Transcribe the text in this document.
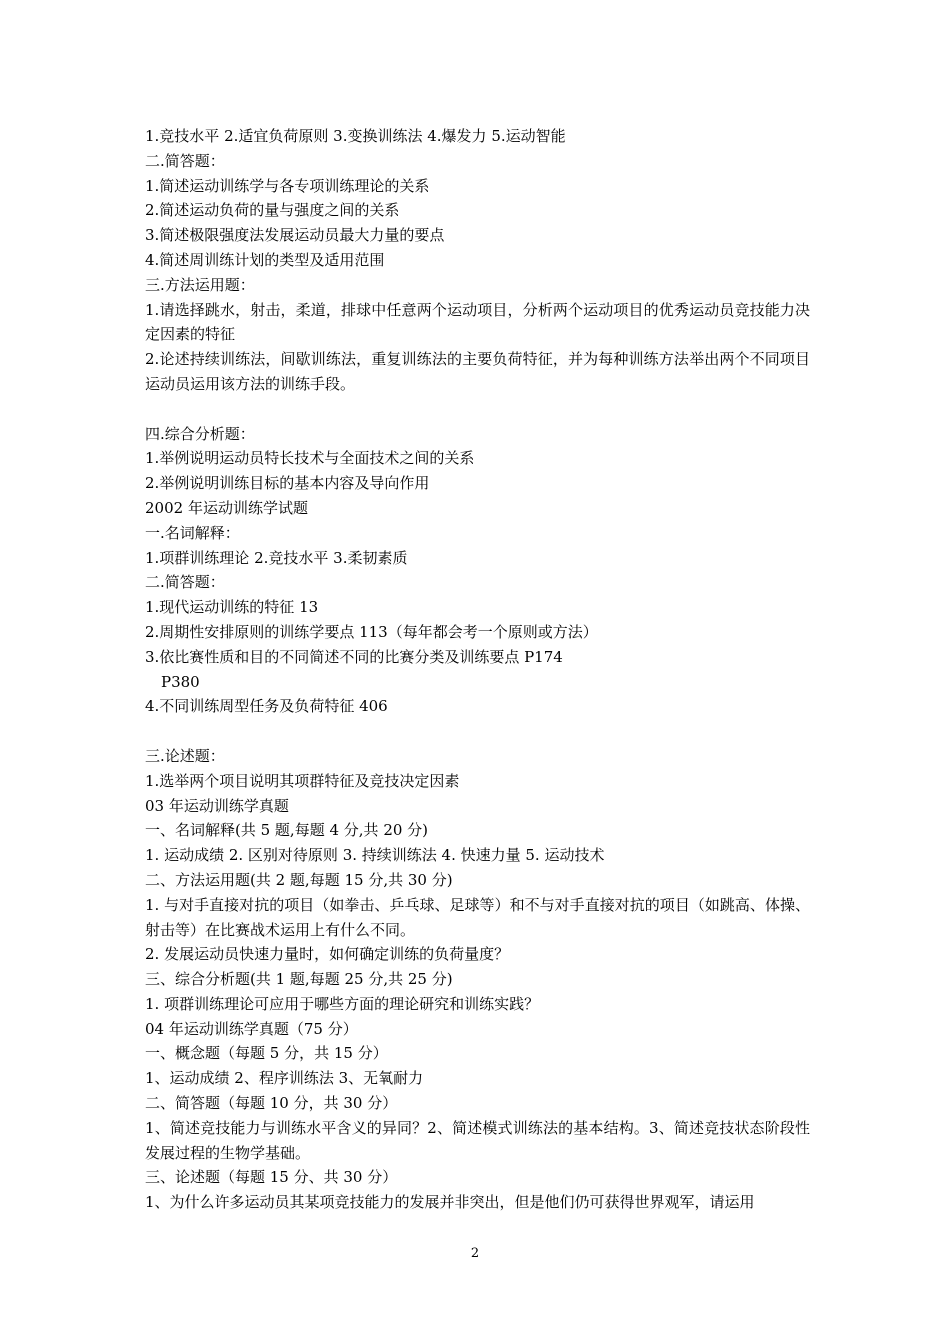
1.竞技水平 2.适宜负荷原则 3.变换训练法 4.爆发力 5.运动智能
二.简答题：
1.简述运动训练学与各专项训练理论的关系
2.简述运动负荷的量与强度之间的关系
3.简述极限强度法发展运动员最大力量的要点
4.简述周训练计划的类型及适用范围
三.方法运用题：
1.请选择跳水，射击，柔道，排球中任意两个运动项目，分析两个运动项目的优秀运动员竞技能力决定因素的特征
2.论述持续训练法，间歇训练法，重复训练法的主要负荷特征，并为每种训练方法举出两个不同项目运动员运用该方法的训练手段。
四.综合分析题：
1.举例说明运动员特长技术与全面技术之间的关系
2.举例说明训练目标的基本内容及导向作用
2002 年运动训练学试题
一.名词解释：
1.项群训练理论 2.竞技水平 3.柔韧素质
二.简答题：
1.现代运动训练的特征 13
2.周期性安排原则的训练学要点 113（每年都会考一个原则或方法）
3.依比赛性质和目的不同简述不同的比赛分类及训练要点 P174
P380
4.不同训练周型任务及负荷特征 406
三.论述题：
1.选举两个项目说明其项群特征及竞技决定因素
03 年运动训练学真题
一、名词解释(共 5 题,每题 4 分,共 20 分)
1. 运动成绩 2. 区别对待原则 3. 持续训练法 4. 快速力量 5. 运动技术
二、方法运用题(共 2 题,每题 15 分,共 30 分)
1. 与对手直接对抗的项目（如拳击、乒乓球、足球等）和不与对手直接对抗的项目（如跳高、体操、射击等）在比赛战术运用上有什么不同。
2. 发展运动员快速力量时，如何确定训练的负荷量度？
三、综合分析题(共 1 题,每题 25 分,共 25 分)
1. 项群训练理论可应用于哪些方面的理论研究和训练实践？
04 年运动训练学真题（75 分）
一、概念题（每题 5 分，共 15 分）
1、运动成绩 2、程序训练法 3、无氧耐力
二、简答题（每题 10 分，共 30 分）
1、简述竞技能力与训练水平含义的异同？2、简述模式训练法的基本结构。3、简述竞技状态阶段性发展过程的生物学基础。
三、论述题（每题 15 分、共 30 分）
1、为什么许多运动员其某项竞技能力的发展并非突出，但是他们仍可获得世界观军，请运用
2
